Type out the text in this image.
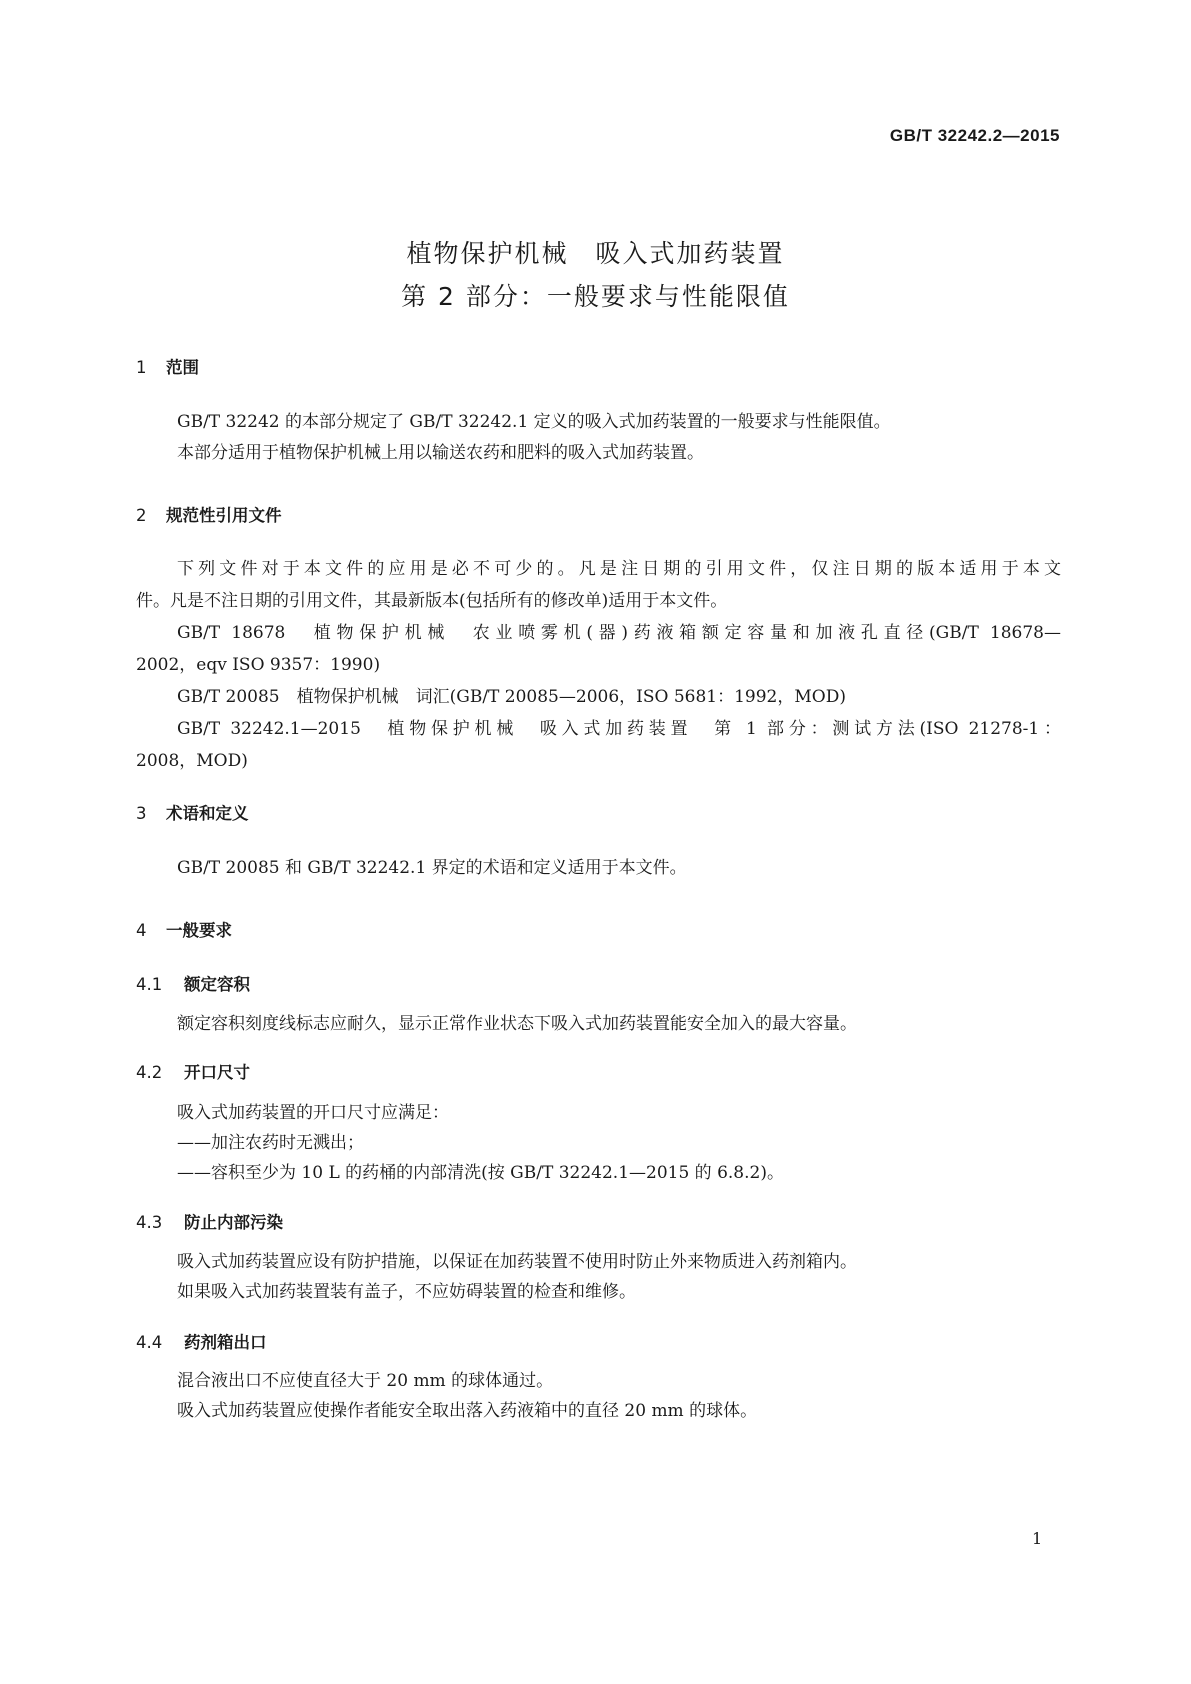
GB/T 32242.2—2015
植物保护机械　吸入式加药装置
第 2 部分：一般要求与性能限值
1 范围
GB/T 32242 的本部分规定了 GB/T 32242.1 定义的吸入式加药装置的一般要求与性能限值。
本部分适用于植物保护机械上用以输送农药和肥料的吸入式加药装置。
2 规范性引用文件
下列文件对于本文件的应用是必不可少的。凡是注日期的引用文件，仅注日期的版本适用于本文
件。凡是不注日期的引用文件，其最新版本(包括所有的修改单)适用于本文件。
GB/T 18678　植物保护机械　农业喷雾机(器)药液箱额定容量和加液孔直径(GB/T 18678—
2002，eqv ISO 9357：1990)
GB/T 20085　植物保护机械　词汇(GB/T 20085—2006，ISO 5681：1992，MOD)
GB/T 32242.1—2015　植物保护机械　吸入式加药装置　第 1 部分：测试方法(ISO 21278-1：
2008，MOD)
3 术语和定义
GB/T 20085 和 GB/T 32242.1 界定的术语和定义适用于本文件。
4 一般要求
4.1 额定容积
额定容积刻度线标志应耐久，显示正常作业状态下吸入式加药装置能安全加入的最大容量。
4.2 开口尺寸
吸入式加药装置的开口尺寸应满足：
——加注农药时无溅出；
——容积至少为 10 L 的药桶的内部清洗(按 GB/T 32242.1—2015 的 6.8.2)。
4.3 防止内部污染
吸入式加药装置应设有防护措施，以保证在加药装置不使用时防止外来物质进入药剂箱内。
如果吸入式加药装置装有盖子，不应妨碍装置的检查和维修。
4.4 药剂箱出口
混合液出口不应使直径大于 20 mm 的球体通过。
吸入式加药装置应使操作者能安全取出落入药液箱中的直径 20 mm 的球体。
1
